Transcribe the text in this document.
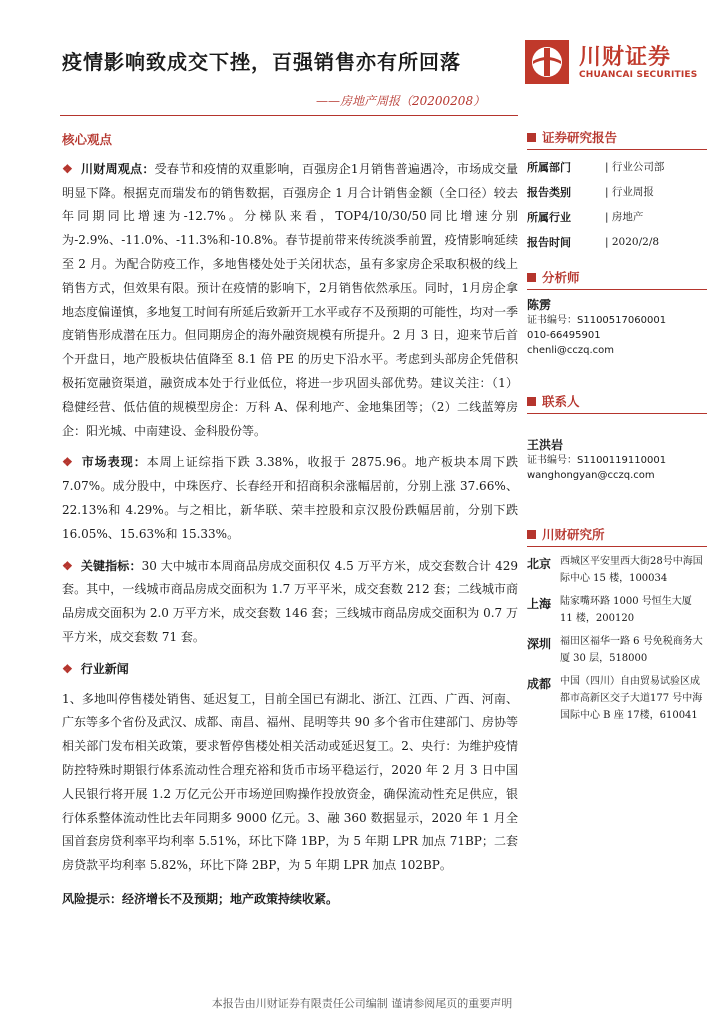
疫情影响致成交下挫，百强销售亦有所回落
——房地产周报（20200208）
川财证券
CHUANCAI SECURITIES
核心观点
❖ 川财周观点：受春节和疫情的双重影响，百强房企1月销售普遍遇冷，市场成交量明显下降。根据克而瑞发布的销售数据，百强房企 1 月合计销售金额（全口径）较去年同期同比增速为-12.7%。分梯队来看，TOP4/10/30/50同比增速分别为-2.9%、-11.0%、-11.3%和-10.8%。春节提前带来传统淡季前置，疫情影响延续至 2 月。为配合防疫工作，多地售楼处处于关闭状态，虽有多家房企采取积极的线上销售方式，但效果有限。预计在疫情的影响下，2月销售依然承压。同时，1月房企拿地态度偏谨慎，多地复工时间有所延后致新开工水平或存不及预期的可能性，均对一季度销售形成潜在压力。但同期房企的海外融资规模有所提升。2 月 3 日，迎来节后首个开盘日，地产股板块估值降至 8.1 倍 PE 的历史下沿水平。考虑到头部房企凭借积极拓宽融资渠道，融资成本处于行业低位，将进一步巩固头部优势。建议关注：（1）稳健经营、低估值的规模型房企：万科 A、保利地产、金地集团等；（2）二线蓝筹房企：阳光城、中南建设、金科股份等。
❖ 市场表现：本周上证综指下跌 3.38%，收报于 2875.96。地产板块本周下跌 7.07%。成分股中，中珠医疗、长春经开和招商积余涨幅居前，分别上涨 37.66%、22.13%和 4.29%。与之相比，新华联、荣丰控股和京汉股份跌幅居前，分别下跌 16.05%、15.63%和 15.33%。
❖ 关键指标：30 大中城市本周商品房成交面积仅 4.5 万平方米，成交套数合计 429 套。其中，一线城市商品房成交面积为 1.7 万平平米，成交套数 212 套；二线城市商品房成交面积为 2.0 万平方米，成交套数 146 套；三线城市商品房成交面积为 0.7 万平方米，成交套数 71 套。
❖ 行业新闻
1、多地叫停售楼处销售、延迟复工，目前全国已有湖北、浙江、江西、广西、河南、广东等多个省份及武汉、成都、南昌、福州、昆明等共 90 多个省市住建部门、房协等相关部门发布相关政策，要求暂停售楼处相关活动或延迟复工。2、央行：为维护疫情防控特殊时期银行体系流动性合理充裕和货币市场平稳运行，2020 年 2 月 3 日中国人民银行将开展 1.2 万亿元公开市场逆回购操作投放资金，确保流动性充足供应，银行体系整体流动性比去年同期多 9000 亿元。3、融 360 数据显示，2020 年 1 月全国首套房贷利率平均利率 5.51%，环比下降 1BP，为 5 年期 LPR 加点 71BP；二套房贷款平均利率 5.82%，环比下降 2BP，为 5 年期 LPR 加点 102BP。
风险提示：经济增长不及预期；地产政策持续收紧。
证券研究报告
所属部门	| 行业公司部
报告类别	| 行业周报
所属行业	| 房地产
报告时间	| 2020/2/8
分析师
陈雳
证书编号：S1100517060001
010-66495901
chenli@cczq.com
联系人
王洪岩
证书编号：S1100119110001
wanghongyan@cczq.com
川财研究所
北京 西城区平安里西大街28号中海国际中心 15 楼，100034
上海 陆家嘴环路 1000 号恒生大厦 11 楼，200120
深圳 福田区福华一路 6 号免税商务大厦 30 层，518000
成都 中国（四川）自由贸易试验区成都市高新区交子大道177 号中海国际中心 B 座 17楼，610041
本报告由川财证券有限责任公司编制 谨请参阅尾页的重要声明
